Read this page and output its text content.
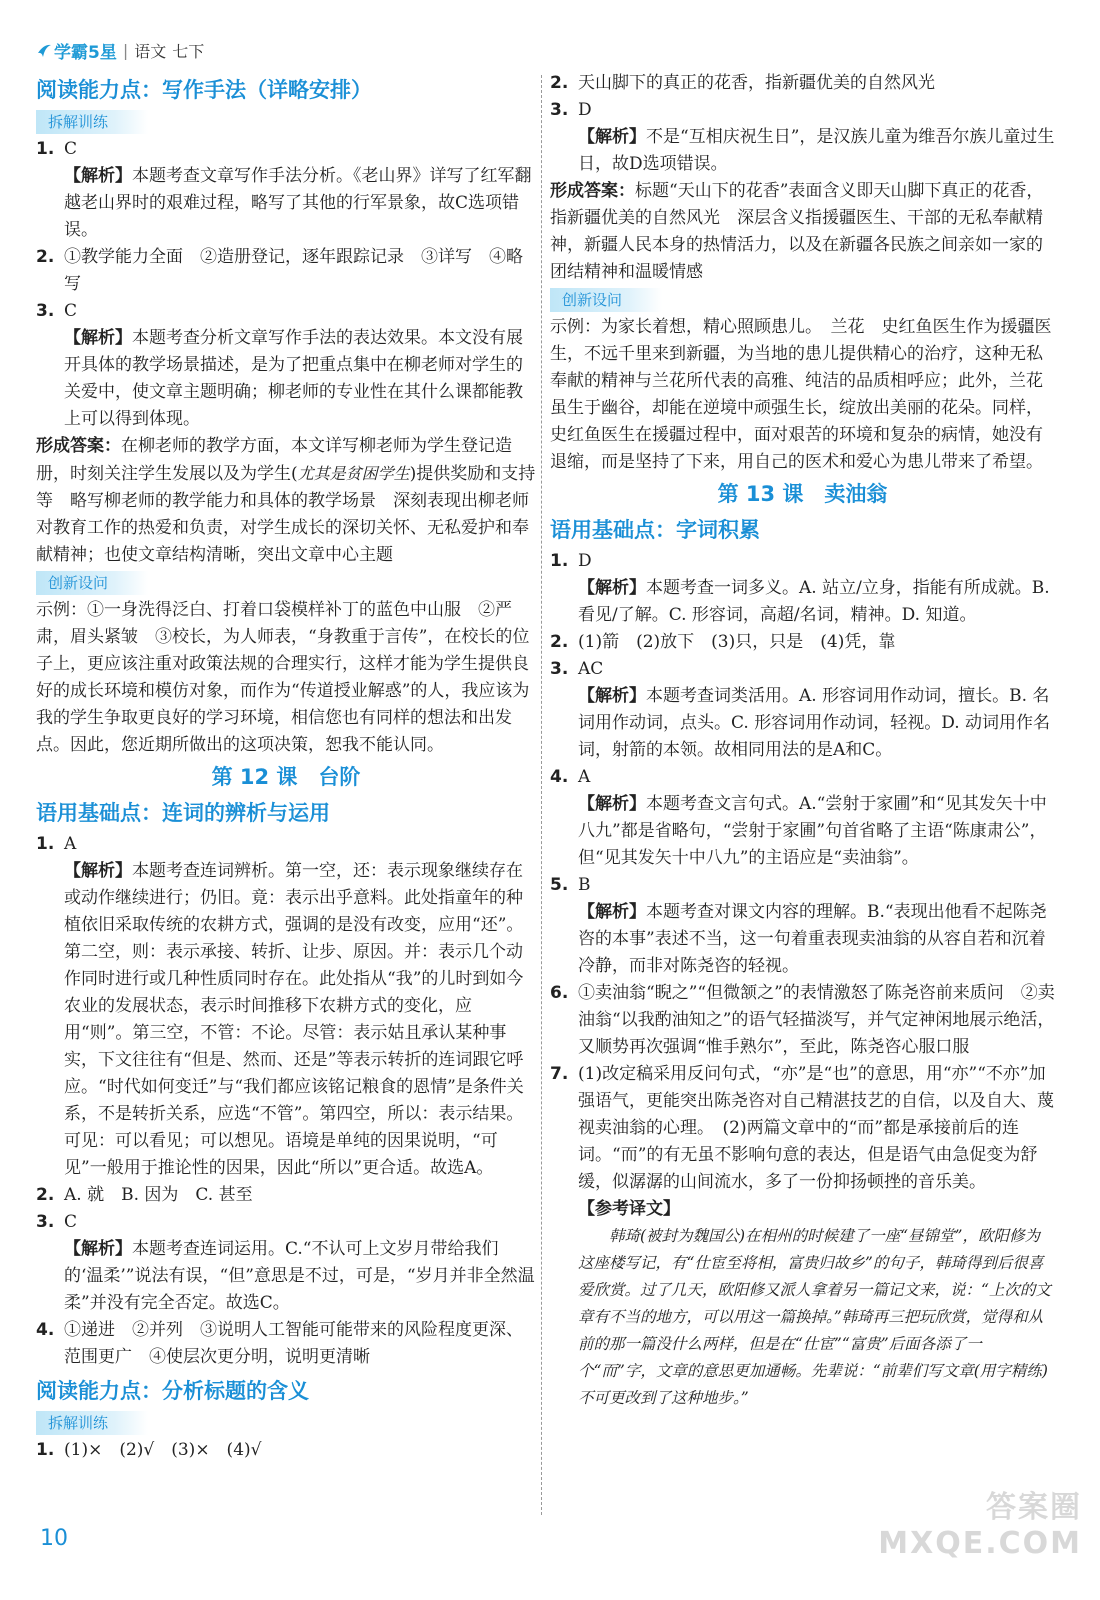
学霸5星 | 语文 七下
阅读能力点：写作手法（详略安排）
拆解训练
1. C
【解析】本题考查文章写作手法分析。《老山界》详写了红军翻越老山界时的艰难过程，略写了其他的行军景象，故C选项错误。
2. ①教学能力全面　②造册登记，逐年跟踪记录　③详写　④略写
3. C
【解析】本题考查分析文章写作手法的表达效果。本文没有展开具体的教学场景描述，是为了把重点集中在柳老师对学生的关爱中，使文章主题明确；柳老师的专业性在其什么课都能教上可以得到体现。
形成答案：在柳老师的教学方面，本文详写柳老师为学生登记造册，时刻关注学生发展以及为学生(尤其是贫困学生)提供奖励和支持等　略写柳老师的教学能力和具体的教学场景　深刻表现出柳老师对教育工作的热爱和负责，对学生成长的深切关怀、无私爱护和奉献精神；也使文章结构清晰，突出文章中心主题
创新设问
示例：①一身洗得泛白、打着口袋模样补丁的蓝色中山服　②严肃，眉头紧皱　③校长，为人师表，“身教重于言传”，在校长的位子上，更应该注重对政策法规的合理实行，这样才能为学生提供良好的成长环境和模仿对象，而作为“传道授业解惑”的人，我应该为我的学生争取更良好的学习环境，相信您也有同样的想法和出发点。因此，您近期所做出的这项决策，恕我不能认同。
第 12 课　台阶
语用基础点：连词的辨析与运用
1. A
【解析】本题考查连词辨析。第一空，还：表示现象继续存在或动作继续进行；仍旧。竟：表示出乎意料。此处指童年的种植依旧采取传统的农耕方式，强调的是没有改变，应用“还”。第二空，则：表示承接、转折、让步、原因。并：表示几个动作同时进行或几种性质同时存在。此处指从“我”的儿时到如今农业的发展状态，表示时间推移下农耕方式的变化，应用“则”。第三空，不管：不论。尽管：表示姑且承认某种事实，下文往往有“但是、然而、还是”等表示转折的连词跟它呼应。“时代如何变迁”与“我们都应该铭记粮食的恩情”是条件关系，不是转折关系，应选“不管”。第四空，所以：表示结果。可见：可以看见；可以想见。语境是单纯的因果说明，“可见”一般用于推论性的因果，因此“所以”更合适。故选A。
2. A. 就　B. 因为　C. 甚至
3. C
【解析】本题考查连词运用。C.“不认可上文岁月带给我们的‘温柔’”说法有误，“但”意思是不过，可是，“岁月并非全然温柔”并没有完全否定。故选C。
4. ①递进　②并列　③说明人工智能可能带来的风险程度更深、范围更广　④使层次更分明，说明更清晰
阅读能力点：分析标题的含义
拆解训练
1. (1)×　(2)√　(3)×　(4)√
2. 天山脚下的真正的花香，指新疆优美的自然风光
3. D
【解析】不是“互相庆祝生日”，是汉族儿童为维吾尔族儿童过生日，故D选项错误。
形成答案：标题“天山下的花香”表面含义即天山脚下真正的花香，指新疆优美的自然风光　深层含义指援疆医生、干部的无私奉献精神，新疆人民本身的热情活力，以及在新疆各民族之间亲如一家的团结精神和温暖情感
创新设问
示例：为家长着想，精心照顾患儿。　兰花　史红鱼医生作为援疆医生，不远千里来到新疆，为当地的患儿提供精心的治疗，这种无私奉献的精神与兰花所代表的高雅、纯洁的品质相呼应；此外，兰花虽生于幽谷，却能在逆境中顽强生长，绽放出美丽的花朵。同样，史红鱼医生在援疆过程中，面对艰苦的环境和复杂的病情，她没有退缩，而是坚持了下来，用自己的医术和爱心为患儿带来了希望。
第 13 课　卖油翁
语用基础点：字词积累
1. D
【解析】本题考查一词多义。A. 站立/立身，指能有所成就。B. 看见/了解。C. 形容词，高超/名词，精神。D. 知道。
2. (1)箭　(2)放下　(3)只，只是　(4)凭，靠
3. AC
【解析】本题考查词类活用。A. 形容词用作动词，擅长。B. 名词用作动词，点头。C. 形容词用作动词，轻视。D. 动词用作名词，射箭的本领。故相同用法的是A和C。
4. A
【解析】本题考查文言句式。A.“尝射于家圃”和“见其发矢十中八九”都是省略句，“尝射于家圃”句首省略了主语“陈康肃公”，但“见其发矢十中八九”的主语应是“卖油翁”。
5. B
【解析】本题考查对课文内容的理解。B.“表现出他看不起陈尧咨的本事”表述不当，这一句着重表现卖油翁的从容自若和沉着冷静，而非对陈尧咨的轻视。
6. ①卖油翁“睨之”“但微颔之”的表情激怒了陈尧咨前来质问　②卖油翁“以我酌油知之”的语气轻描淡写，并气定神闲地展示绝活，又顺势再次强调“惟手熟尔”，至此，陈尧咨心服口服
7. (1)改定稿采用反问句式，“亦”是“也”的意思，用“亦”“不亦”加强语气，更能突出陈尧咨对自己精湛技艺的自信，以及自大、蔑视卖油翁的心理。　(2)两篇文章中的“而”都是承接前后的连词。“而”的有无虽不影响句意的表达，但是语气由急促变为舒缓，似潺潺的山间流水，多了一份抑扬顿挫的音乐美。
【参考译文】
韩琦(被封为魏国公)在相州的时候建了一座“昼锦堂”，欧阳修为这座楼写记，有“仕宦至将相，富贵归故乡”的句子，韩琦得到后很喜爱欣赏。过了几天，欧阳修又派人拿着另一篇记文来，说：“上次的文章有不当的地方，可以用这一篇换掉。”韩琦再三把玩欣赏，觉得和从前的那一篇没什么两样，但是在“仕宦”“富贵”后面各添了一个“而”字，文章的意思更加通畅。先辈说：“前辈们写文章(用字精练)不可更改到了这种地步。”
10
答案圈
MXQE.COM
